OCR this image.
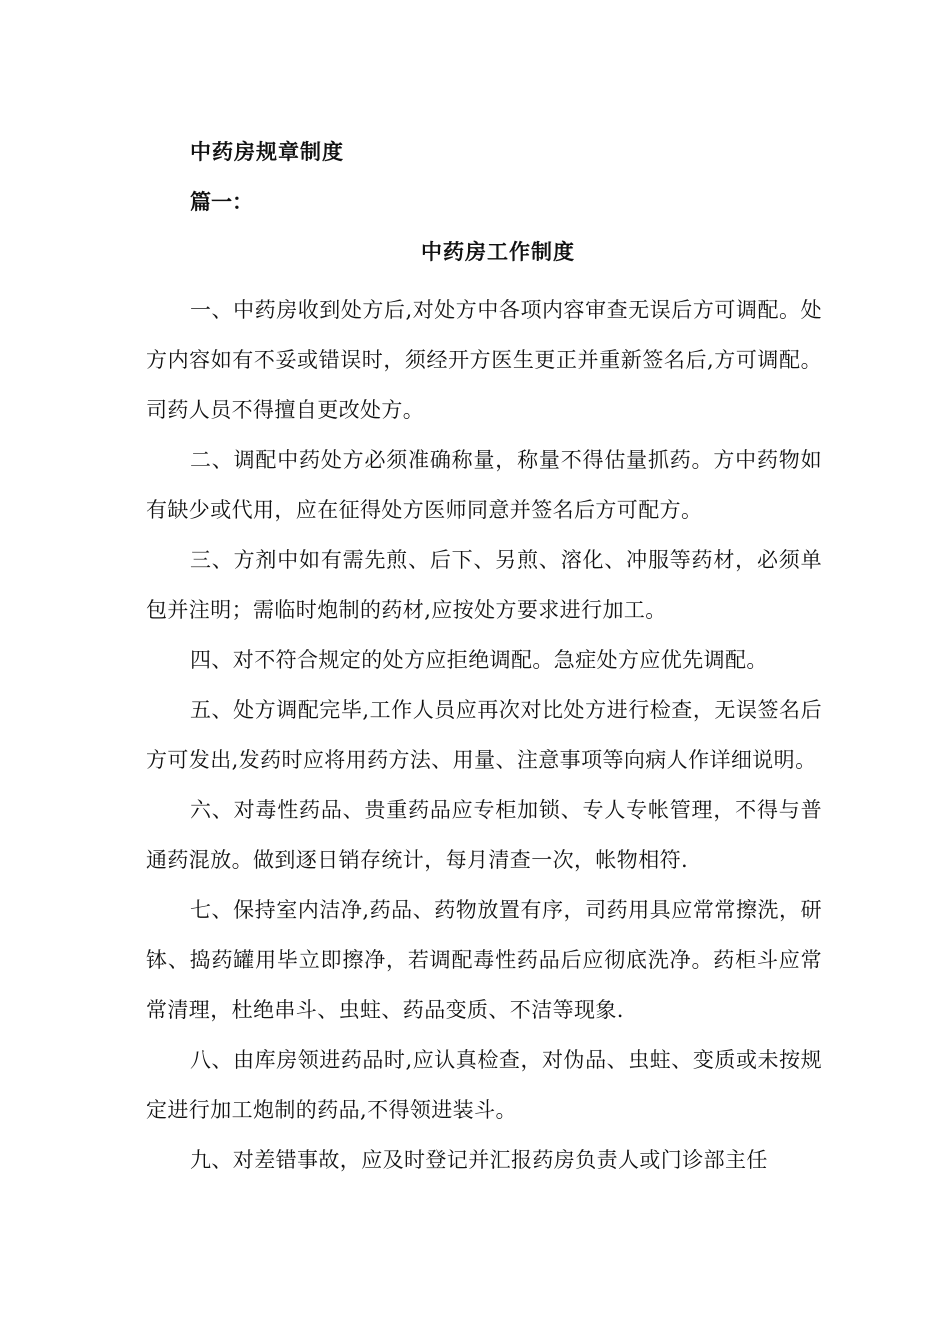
中药房规章制度
篇一：
中药房工作制度

一、中药房收到处方后,对处方中各项内容审查无误后方可调配。处方内容如有不妥或错误时，须经开方医生更正并重新签名后,方可调配。司药人员不得擅自更改处方。

二、调配中药处方必须准确称量，称量不得估量抓药。方中药物如有缺少或代用，应在征得处方医师同意并签名后方可配方。

三、方剂中如有需先煎、后下、另煎、溶化、冲服等药材，必须单包并注明；需临时炮制的药材,应按处方要求进行加工。

四、对不符合规定的处方应拒绝调配。急症处方应优先调配。

五、处方调配完毕,工作人员应再次对比处方进行检查，无误签名后方可发出,发药时应将用药方法、用量、注意事项等向病人作详细说明。

六、对毒性药品、贵重药品应专柜加锁、专人专帐管理，不得与普通药混放。做到逐日销存统计，每月清查一次，帐物相符.

七、保持室内洁净,药品、药物放置有序，司药用具应常常擦洗，研钵、捣药罐用毕立即擦净，若调配毒性药品后应彻底洗净。药柜斗应常常清理，杜绝串斗、虫蛀、药品变质、不洁等现象.

八、由库房领进药品时,应认真检查，对伪品、虫蛀、变质或未按规定进行加工炮制的药品,不得领进装斗。

九、对差错事故，应及时登记并汇报药房负责人或门诊部主任
